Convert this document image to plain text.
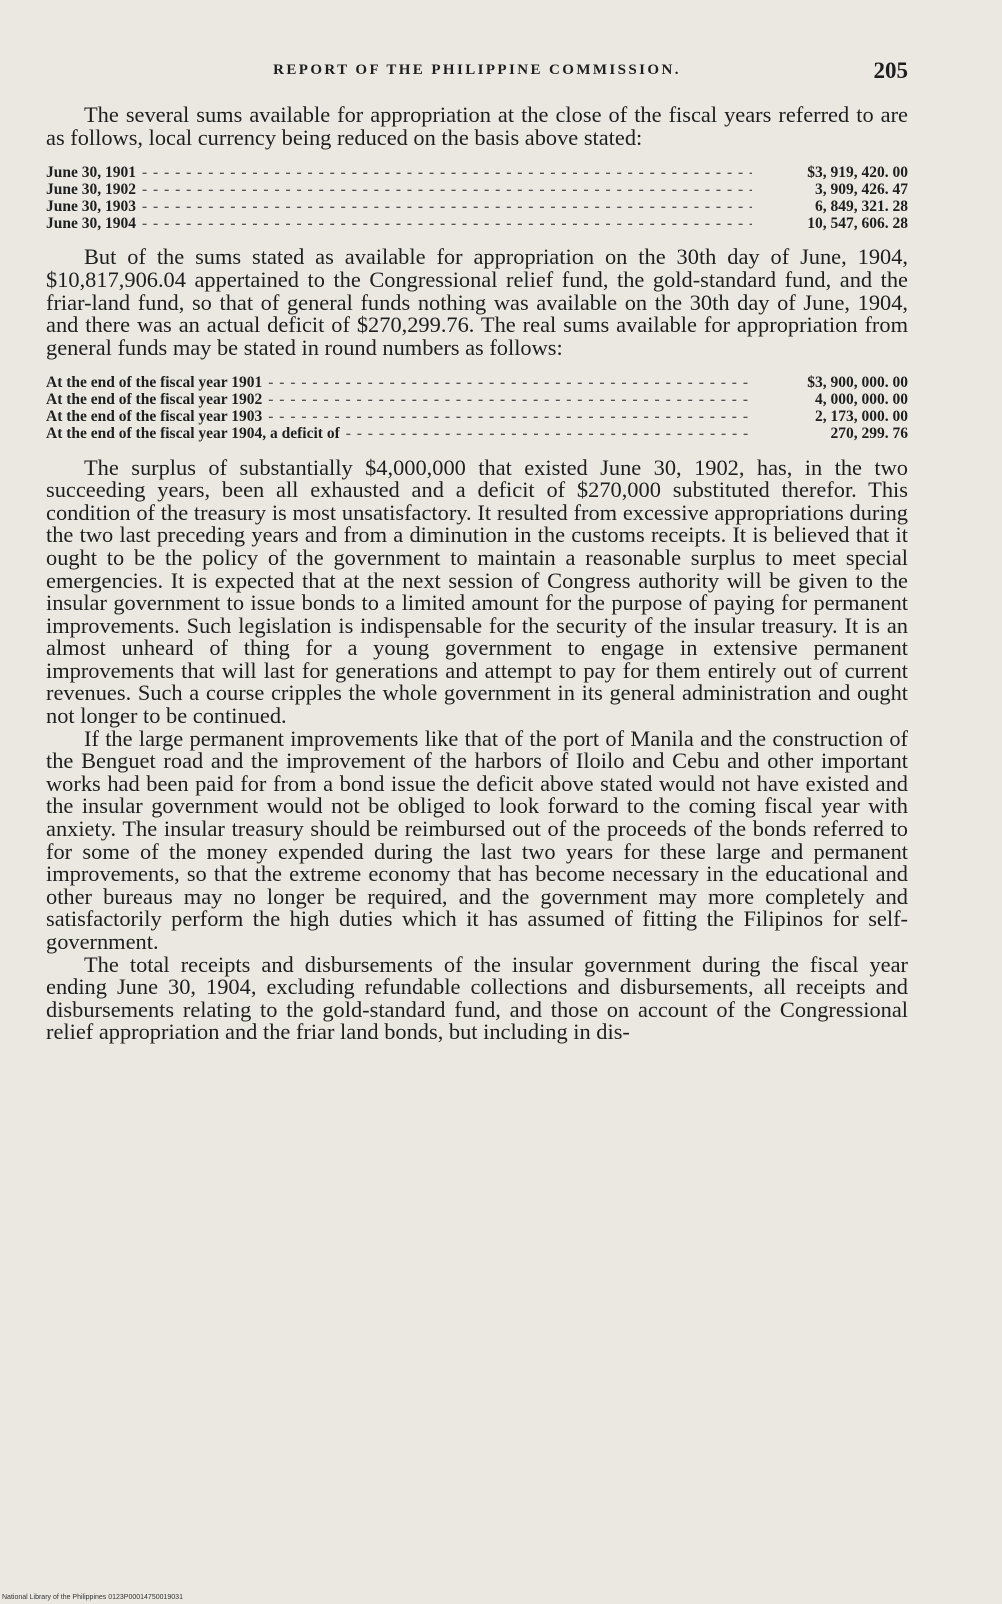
REPORT OF THE PHILIPPINE COMMISSION.	205

The several sums available for appropriation at the close of the fiscal years referred to are as follows, local currency being reduced on the basis above stated:

June 30, 1901 - - -	$3, 919, 420. 00
June 30, 1902 - - -	3, 909, 426. 47
June 30, 1903 - - -	6, 849, 321. 28
June 30, 1904 - - -	10, 547, 606. 28

But of the sums stated as available for appropriation on the 30th day of June, 1904, $10,817,906.04 appertained to the Congressional relief fund, the gold-standard fund, and the friar-land fund, so that of general funds nothing was available on the 30th day of June, 1904, and there was an actual deficit of $270,299.76. The real sums available for appropriation from general funds may be stated in round numbers as follows:

At the end of the fiscal year 1901 - - -	$3, 900, 000. 00
At the end of the fiscal year 1902 - - -	4, 000, 000. 00
At the end of the fiscal year 1903 - - -	2, 173, 000. 00
At the end of the fiscal year 1904, a deficit of - - -	270, 299. 76

The surplus of substantially $4,000,000 that existed June 30, 1902, has, in the two succeeding years, been all exhausted and a deficit of $270,000 substituted therefor. This condition of the treasury is most unsatisfactory. It resulted from excessive appropriations during the two last preceding years and from a diminution in the customs receipts. It is believed that it ought to be the policy of the government to maintain a reasonable surplus to meet special emergencies. It is expected that at the next session of Congress authority will be given to the insular government to issue bonds to a limited amount for the purpose of paying for permanent improvements. Such legislation is indispensable for the security of the insular treasury. It is an almost unheard of thing for a young government to engage in extensive permanent improvements that will last for generations and attempt to pay for them entirely out of current revenues. Such a course cripples the whole government in its general administration and ought not longer to be continued.

If the large permanent improvements like that of the port of Manila and the construction of the Benguet road and the improvement of the harbors of Iloilo and Cebu and other important works had been paid for from a bond issue the deficit above stated would not have existed and the insular government would not be obliged to look forward to the coming fiscal year with anxiety. The insular treasury should be reimbursed out of the proceeds of the bonds referred to for some of the money expended during the last two years for these large and permanent improvements, so that the extreme economy that has become necessary in the educational and other bureaus may no longer be required, and the government may more completely and satisfactorily perform the high duties which it has assumed of fitting the Filipinos for self-government.

The total receipts and disbursements of the insular government during the fiscal year ending June 30, 1904, excluding refundable collections and disbursements, all receipts and disbursements relating to the gold-standard fund, and those on account of the Congressional relief appropriation and the friar land bonds, but including in dis-

National Library of the Philippines 0123P00014750019031
